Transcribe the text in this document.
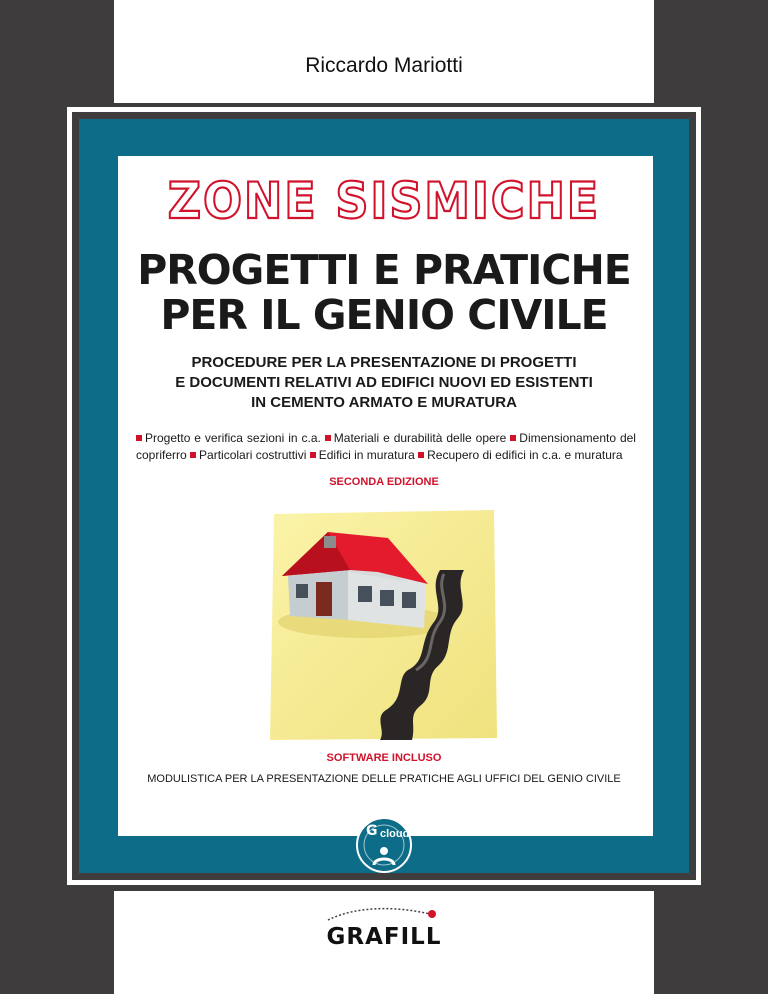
Riccardo Mariotti
ZONE SISMICHE
PROGETTI E PRATICHE
PER IL GENIO CIVILE
PROCEDURE PER LA PRESENTAZIONE DI PROGETTI
E DOCUMENTI RELATIVI AD EDIFICI NUOVI ED ESISTENTI
IN CEMENTO ARMATO E MURATURA
Progetto e verifica sezioni in c.a. Materiali e durabilità delle opere Dimensionamento del copriferro Particolari costruttivi Edifici in muratura Recupero di edifici in c.a. e muratura
SECONDA EDIZIONE
SOFTWARE INCLUSO
MODULISTICA PER LA PRESENTAZIONE DELLE PRATICHE AGLI UFFICI DEL GENIO CIVILE
G cloud
GRAFILL
